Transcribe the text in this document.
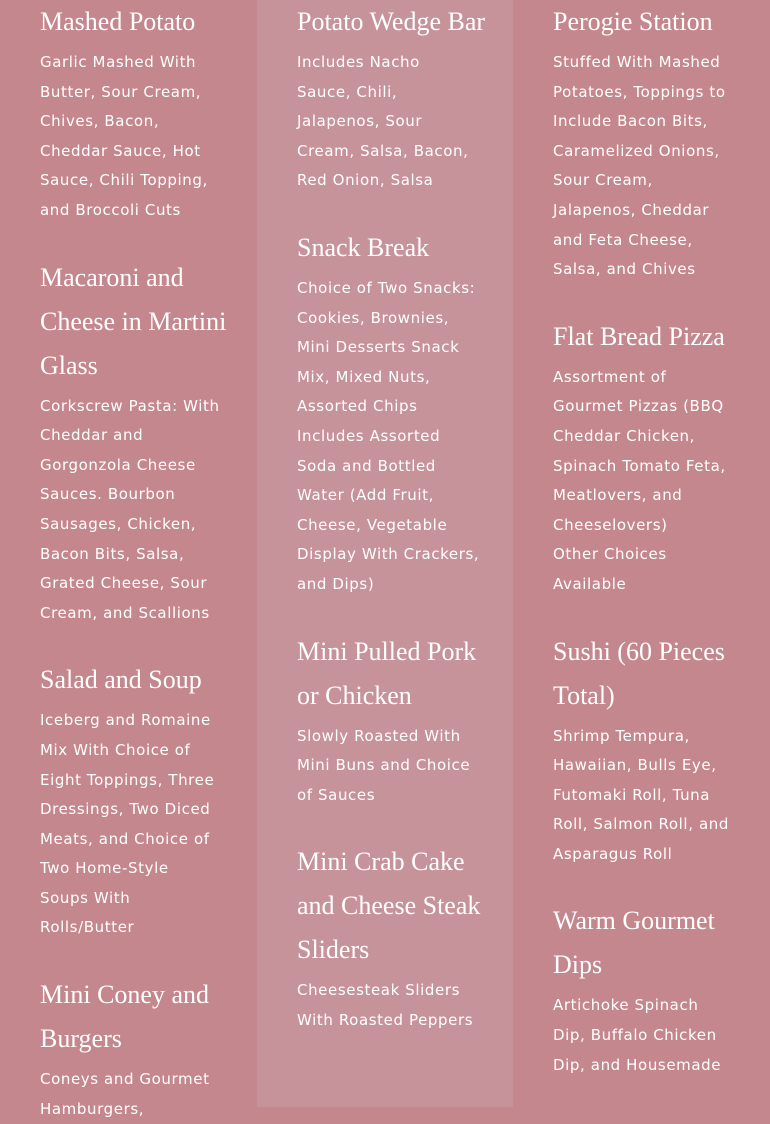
Mashed Potato

Garlic Mashed With
Butter, Sour Cream,
Chives, Bacon,
Cheddar Sauce, Hot
Sauce, Chili Topping,
and Broccoli Cuts

Macaroni and Cheese in Martini Glass

Corkscrew Pasta: With
Cheddar and
Gorgonzola Cheese
Sauces. Bourbon
Sausages, Chicken,
Bacon Bits, Salsa,
Grated Cheese, Sour
Cream, and Scallions

Salad and Soup

Iceberg and Romaine
Mix With Choice of
Eight Toppings, Three
Dressings, Two Diced
Meats, and Choice of
Two Home-Style
Soups With
Rolls/Butter

Mini Coney and Burgers

Coneys and Gourmet
Hamburgers,

Potato Wedge Bar

Includes Nacho
Sauce, Chili,
Jalapenos, Sour
Cream, Salsa, Bacon,
Red Onion, Salsa

Snack Break

Choice of Two Snacks:
Cookies, Brownies,
Mini Desserts Snack
Mix, Mixed Nuts,
Assorted Chips
Includes Assorted
Soda and Bottled
Water (Add Fruit,
Cheese, Vegetable
Display With Crackers,
and Dips)

Mini Pulled Pork or Chicken

Slowly Roasted With
Mini Buns and Choice
of Sauces

Mini Crab Cake and Cheese Steak Sliders

Cheesesteak Sliders
With Roasted Peppers

Perogie Station

Stuffed With Mashed
Potatoes, Toppings to
Include Bacon Bits,
Caramelized Onions,
Sour Cream,
Jalapenos, Cheddar
and Feta Cheese,
Salsa, and Chives

Flat Bread Pizza

Assortment of
Gourmet Pizzas (BBQ
Cheddar Chicken,
Spinach Tomato Feta,
Meatlovers, and
Cheeselovers)
Other Choices
Available

Sushi (60 Pieces Total)

Shrimp Tempura,
Hawaiian, Bulls Eye,
Futomaki Roll, Tuna
Roll, Salmon Roll, and
Asparagus Roll

Warm Gourmet Dips

Artichoke Spinach
Dip, Buffalo Chicken
Dip, and Housemade
